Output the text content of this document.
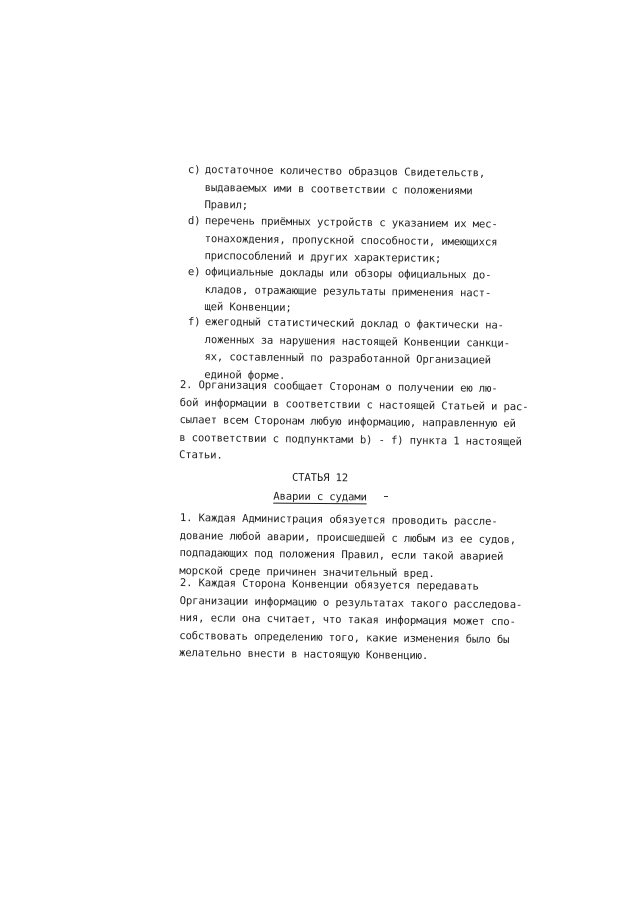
c) достаточное количество образцов Свидетельств,
выдаваемых ими в соответствии с положениями
Правил;
d) перечень приёмных устройств с указанием их мес-
тонахождения, пропускной способности, имеющихся
приспособлений и других характеристик;
e) официальные доклады или обзоры официальных до-
кладов, отражающие результаты применения наст-
щей Конвенции;
f) ежегодный статистический доклад о фактически на-
ложенных за нарушения настоящей Конвенции санкци-
ях, составленный по разработанной Организацией
единой форме.
2. Организация сообщает Сторонам о получении ею лю-
бой информации в соответствии с настоящей Статьей и рас-
сылает всем Сторонам любую информацию, направленную ей
в соответствии с подпунктами b) - f) пункта 1 настоящей
Статьи.
СТАТЬЯ 12
Аварии с судами
1. Каждая Администрация обязуется проводить рассле-
дование любой аварии, происшедшей с любым из ее судов,
подпадающих под положения Правил, если такой аварией
морской среде причинен значительный вред.
2. Каждая Сторона Конвенции обязуется передавать
Организации информацию о результатах такого расследова-
ния, если она считает, что такая информация может спо-
собствовать определению того, какие изменения было бы
желательно внести в настоящую Конвенцию.
